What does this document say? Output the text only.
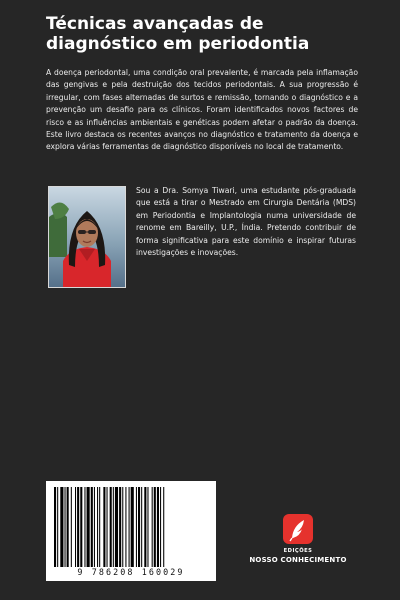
Técnicas avançadas de diagnóstico em periodontia

A doença periodontal, uma condição oral prevalente, é marcada pela inflamação das gengivas e pela destruição dos tecidos periodontais. A sua progressão é irregular, com fases alternadas de surtos e remissão, tornando o diagnóstico e a prevenção um desafio para os clínicos. Foram identificados novos factores de risco e as influências ambientais e genéticas podem afetar o padrão da doença. Este livro destaca os recentes avanços no diagnóstico e tratamento da doença e explora várias ferramentas de diagnóstico disponíveis no local de tratamento.

Sou a Dra. Somya Tiwari, uma estudante pós-graduada que está a tirar o Mestrado em Cirurgia Dentária (MDS) em Periodontia e Implantologia numa universidade de renome em Bareilly, U.P., Índia. Pretendo contribuir de forma significativa para este domínio e inspirar futuras investigações e inovações.

9 786208 160029
EDIÇÕES
NOSSO CONHECIMENTO
